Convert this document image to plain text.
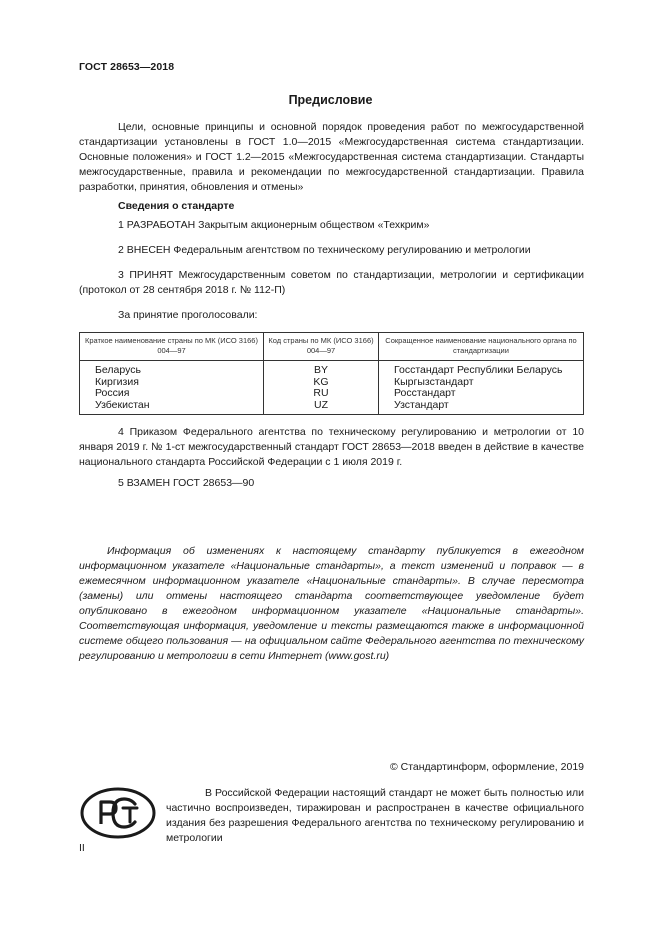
ГОСТ 28653—2018
Предисловие
Цели, основные принципы и основной порядок проведения работ по межгосударственной стандартизации установлены в ГОСТ 1.0—2015 «Межгосударственная система стандартизации. Основные положения» и ГОСТ 1.2—2015 «Межгосударственная система стандартизации. Стандарты межгосударственные, правила и рекомендации по межгосударственной стандартизации. Правила разработки, принятия, обновления и отмены»
Сведения о стандарте
1 РАЗРАБОТАН Закрытым акционерным обществом «Техкрим»
2 ВНЕСЕН Федеральным агентством по техническому регулированию и метрологии
3 ПРИНЯТ Межгосударственным советом по стандартизации, метрологии и сертификации (протокол от 28 сентября 2018 г. № 112-П)
За принятие проголосовали:
Краткое наименование страны по МК (ИСО 3166) 004—97	Код страны по МК (ИСО 3166) 004—97	Сокращенное наименование национального органа по стандартизации
Беларусь	BY	Госстандарт Республики Беларусь
Киргизия	KG	Кыргызстандарт
Россия	RU	Росстандарт
Узбекистан	UZ	Узстандарт
4 Приказом Федерального агентства по техническому регулированию и метрологии от 10 января 2019 г. № 1-ст межгосударственный стандарт ГОСТ 28653—2018 введен в действие в качестве национального стандарта Российской Федерации с 1 июля 2019 г.
5 ВЗАМЕН ГОСТ 28653—90
Информация об изменениях к настоящему стандарту публикуется в ежегодном информационном указателе «Национальные стандарты», а текст изменений и поправок — в ежемесячном информационном указателе «Национальные стандарты». В случае пересмотра (замены) или отмены настоящего стандарта соответствующее уведомление будет опубликовано в ежегодном информационном указателе «Национальные стандарты». Соответствующая информация, уведомление и тексты размещаются также в информационной системе общего пользования — на официальном сайте Федерального агентства по техническому регулированию и метрологии в сети Интернет (www.gost.ru)
© Стандартинформ, оформление, 2019
В Российской Федерации настоящий стандарт не может быть полностью или частично воспроизведен, тиражирован и распространен в качестве официального издания без разрешения Федерального агентства по техническому регулированию и метрологии
II
